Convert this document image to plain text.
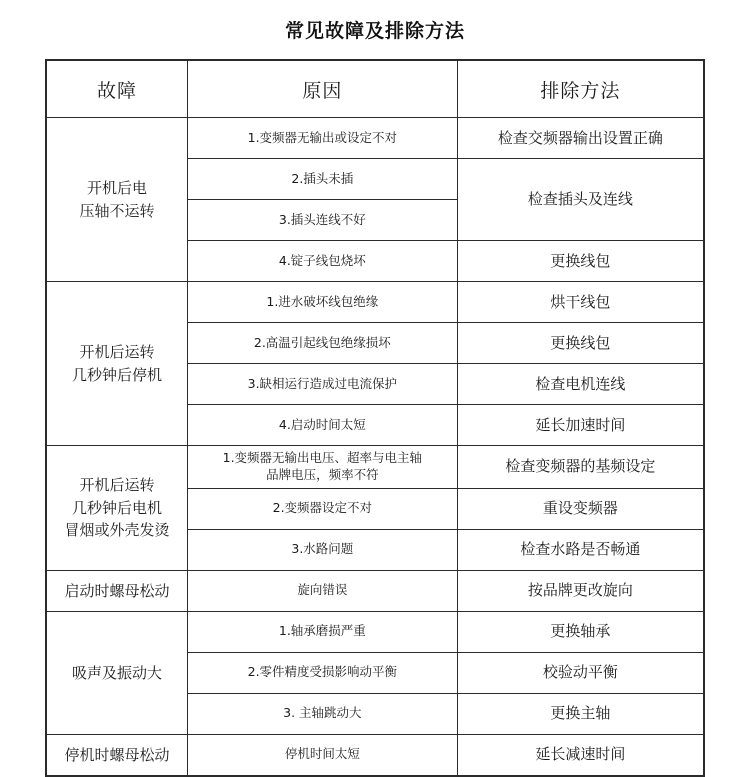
常见故障及排除方法
故障	原因	排除方法
开机后电
压轴不运转	1.变频器无输出或设定不对	检查交频器输出设置正确
	2.插头未插	检查插头及连线
	3.插头连线不好	
	4.锭子线包烧坏	更换线包
开机后运转
几秒钟后停机	1.进水破坏线包绝缘	烘干线包
	2.高温引起线包绝缘损坏	更换线包
	3.缺相运行造成过电流保护	检查电机连线
	4.启动时间太短	延长加速时间
开机后运转
几秒钟后电机
冒烟或外壳发烫	1.变频器无输出电压、超率与电主轴
品牌电压，频率不符	检查变频器的基频设定
	2.变频器设定不对	重设变频器
	3.水路问题	检查水路是否畅通
启动时螺母松动	旋向错误	按品牌更改旋向
吸声及振动大	1.轴承磨损严重	更换轴承
	2.零件精度受损影响动平衡	校验动平衡
	3. 主轴跳动大	更换主轴
停机时螺母松动	停机时间太短	延长减速时间
